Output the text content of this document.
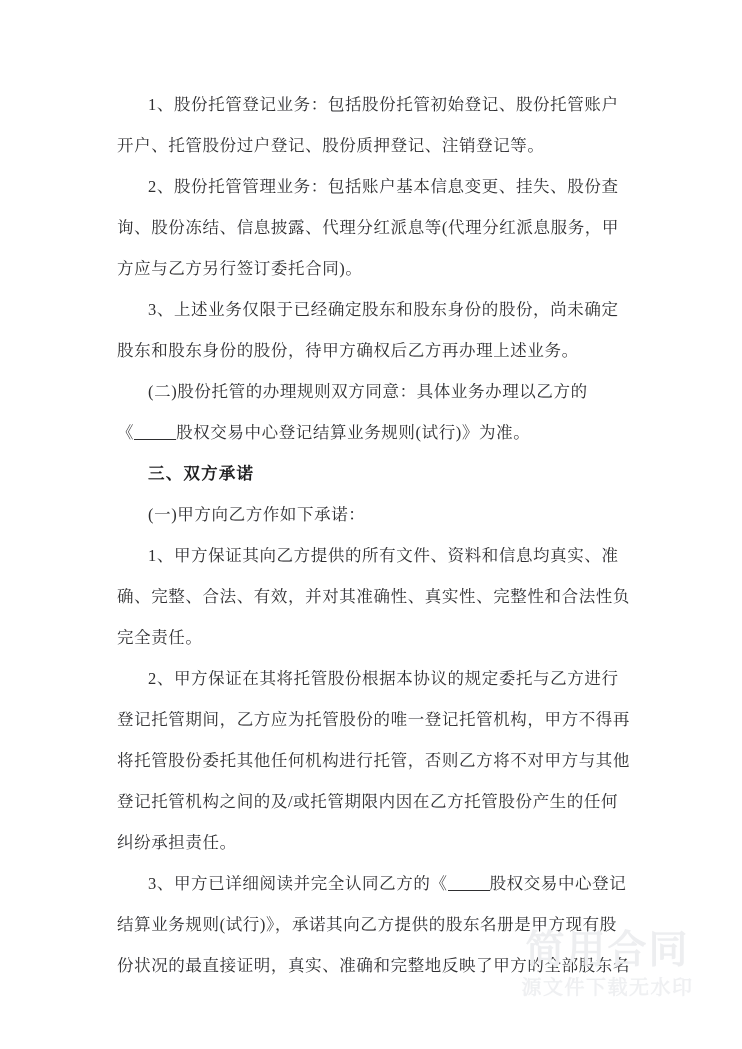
1、股份托管登记业务：包括股份托管初始登记、股份托管账户
开户、托管股份过户登记、股份质押登记、注销登记等。
2、股份托管管理业务：包括账户基本信息变更、挂失、股份查
询、股份冻结、信息披露、代理分红派息等(代理分红派息服务，甲
方应与乙方另行签订委托合同)。
3、上述业务仅限于已经确定股东和股东身份的股份，尚未确定
股东和股东身份的股份，待甲方确权后乙方再办理上述业务。
(二)股份托管的办理规则双方同意：具体业务办理以乙方的
《	股权交易中心登记结算业务规则(试行)》为准。
三、双方承诺
(一)甲方向乙方作如下承诺：
1、甲方保证其向乙方提供的所有文件、资料和信息均真实、准
确、完整、合法、有效，并对其准确性、真实性、完整性和合法性负
完全责任。
2、甲方保证在其将托管股份根据本协议的规定委托与乙方进行
登记托管期间，乙方应为托管股份的唯一登记托管机构，甲方不得再
将托管股份委托其他任何机构进行托管，否则乙方将不对甲方与其他
登记托管机构之间的及/或托管期限内因在乙方托管股份产生的任何
纠纷承担责任。
3、甲方已详细阅读并完全认同乙方的《	股权交易中心登记
结算业务规则(试行)》，承诺其向乙方提供的股东名册是甲方现有股
份状况的最直接证明，真实、准确和完整地反映了甲方的全部股东名
简用合同
源文件下载无水印
